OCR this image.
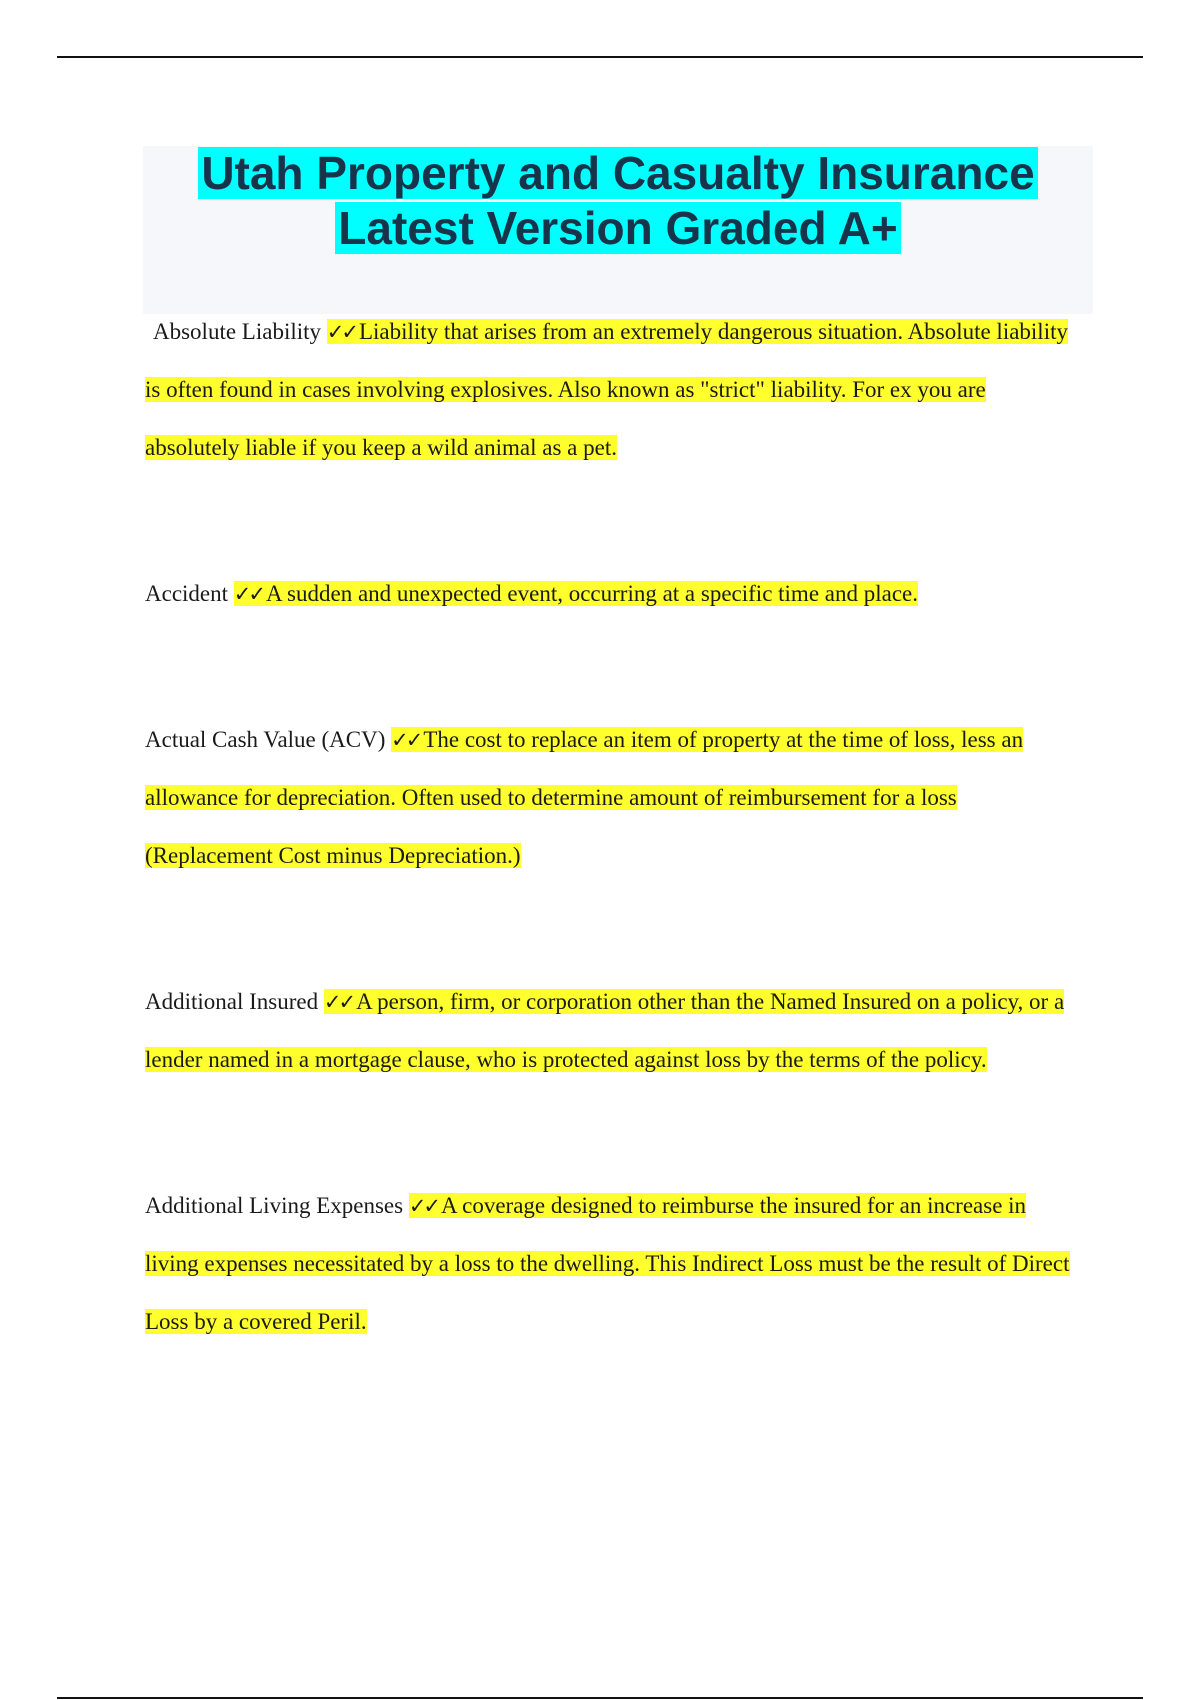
Utah Property and Casualty Insurance
Latest Version Graded A+

Absolute Liability ✓✓ Liability that arises from an extremely dangerous situation. Absolute liability is often found in cases involving explosives. Also known as "strict" liability. For ex you are absolutely liable if you keep a wild animal as a pet.

Accident ✓✓ A sudden and unexpected event, occurring at a specific time and place.

Actual Cash Value (ACV) ✓✓ The cost to replace an item of property at the time of loss, less an allowance for depreciation. Often used to determine amount of reimbursement for a loss (Replacement Cost minus Depreciation.)

Additional Insured ✓✓ A person, firm, or corporation other than the Named Insured on a policy, or a lender named in a mortgage clause, who is protected against loss by the terms of the policy.

Additional Living Expenses ✓✓ A coverage designed to reimburse the insured for an increase in living expenses necessitated by a loss to the dwelling. This Indirect Loss must be the result of Direct Loss by a covered Peril.
